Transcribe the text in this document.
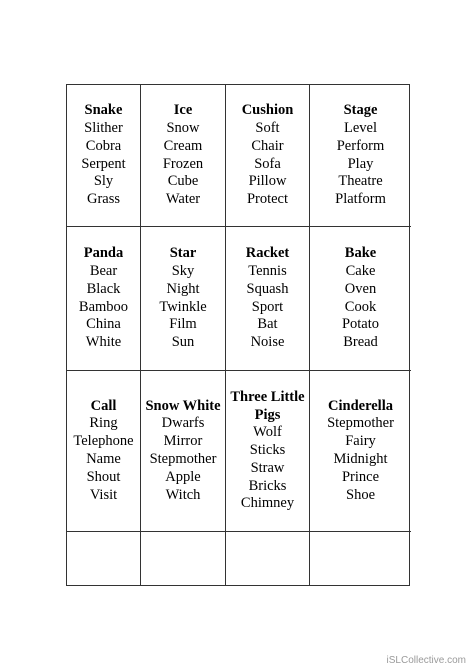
Snake
Slither
Cobra
Serpent
Sly
Grass
Ice
Snow
Cream
Frozen
Cube
Water
Cushion
Soft
Chair
Sofa
Pillow
Protect
Stage
Level
Perform
Play
Theatre
Platform
Panda
Bear
Black
Bamboo
China
White
Star
Sky
Night
Twinkle
Film
Sun
Racket
Tennis
Squash
Sport
Bat
Noise
Bake
Cake
Oven
Cook
Potato
Bread
Call
Ring
Telephone
Name
Shout
Visit
Snow White
Dwarfs
Mirror
Stepmother
Apple
Witch
Three Little Pigs
Wolf
Sticks
Straw
Bricks
Chimney
Cinderella
Stepmother
Fairy
Midnight
Prince
Shoe
iSLCollective.com
